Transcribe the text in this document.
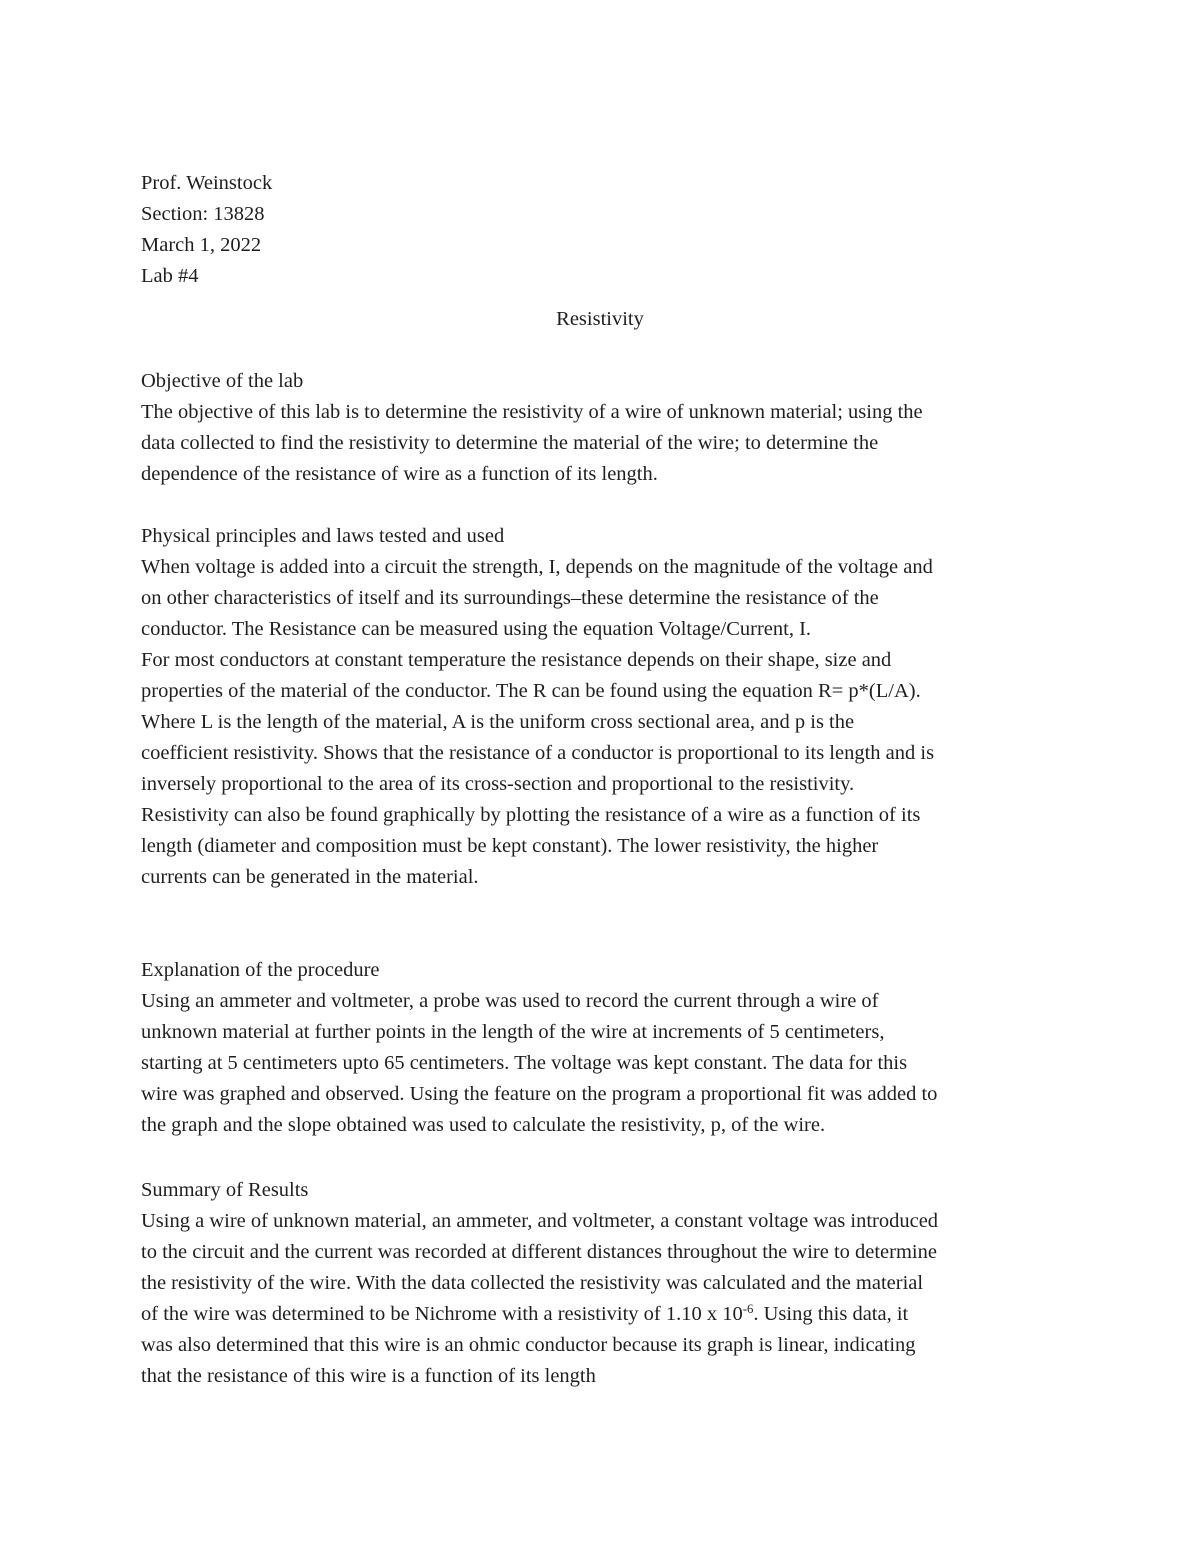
Prof. Weinstock
Section: 13828
March 1, 2022
Lab #4
Resistivity
Objective of the lab
The objective of this lab is to determine the resistivity of a wire of unknown material; using the
data collected to find the resistivity to determine the material of the wire; to determine the
dependence of the resistance of wire as a function of its length.
Physical principles and laws tested and used
When voltage is added into a circuit the strength, I, depends on the magnitude of the voltage and
on other characteristics of itself and its surroundings–these determine the resistance of the
conductor. The Resistance can be measured using the equation Voltage/Current, I.
For most conductors at constant temperature the resistance depends on their shape, size and
properties of the material of the conductor. The R can be found using the equation R= p*(L/A).
Where L is the length of the material, A is the uniform cross sectional area, and p is the
coefficient resistivity. Shows that the resistance of a conductor is proportional to its length and is
inversely proportional to the area of its cross-section and proportional to the resistivity.
Resistivity can also be found graphically by plotting the resistance of a wire as a function of its
length (diameter and composition must be kept constant). The lower resistivity, the higher
currents can be generated in the material.
Explanation of the procedure
Using an ammeter and voltmeter, a probe was used to record the current through a wire of
unknown material at further points in the length of the wire at increments of 5 centimeters,
starting at 5 centimeters upto 65 centimeters. The voltage was kept constant. The data for this
wire was graphed and observed. Using the feature on the program a proportional fit was added to
the graph and the slope obtained was used to calculate the resistivity, p, of the wire.
Summary of Results
Using a wire of unknown material, an ammeter, and voltmeter, a constant voltage was introduced
to the circuit and the current was recorded at different distances throughout the wire to determine
the resistivity of the wire. With the data collected the resistivity was calculated and the material
of the wire was determined to be Nichrome with a resistivity of 1.10 x $10^{-6}$. Using this data, it
was also determined that this wire is an ohmic conductor because its graph is linear, indicating
that the resistance of this wire is a function of its length
